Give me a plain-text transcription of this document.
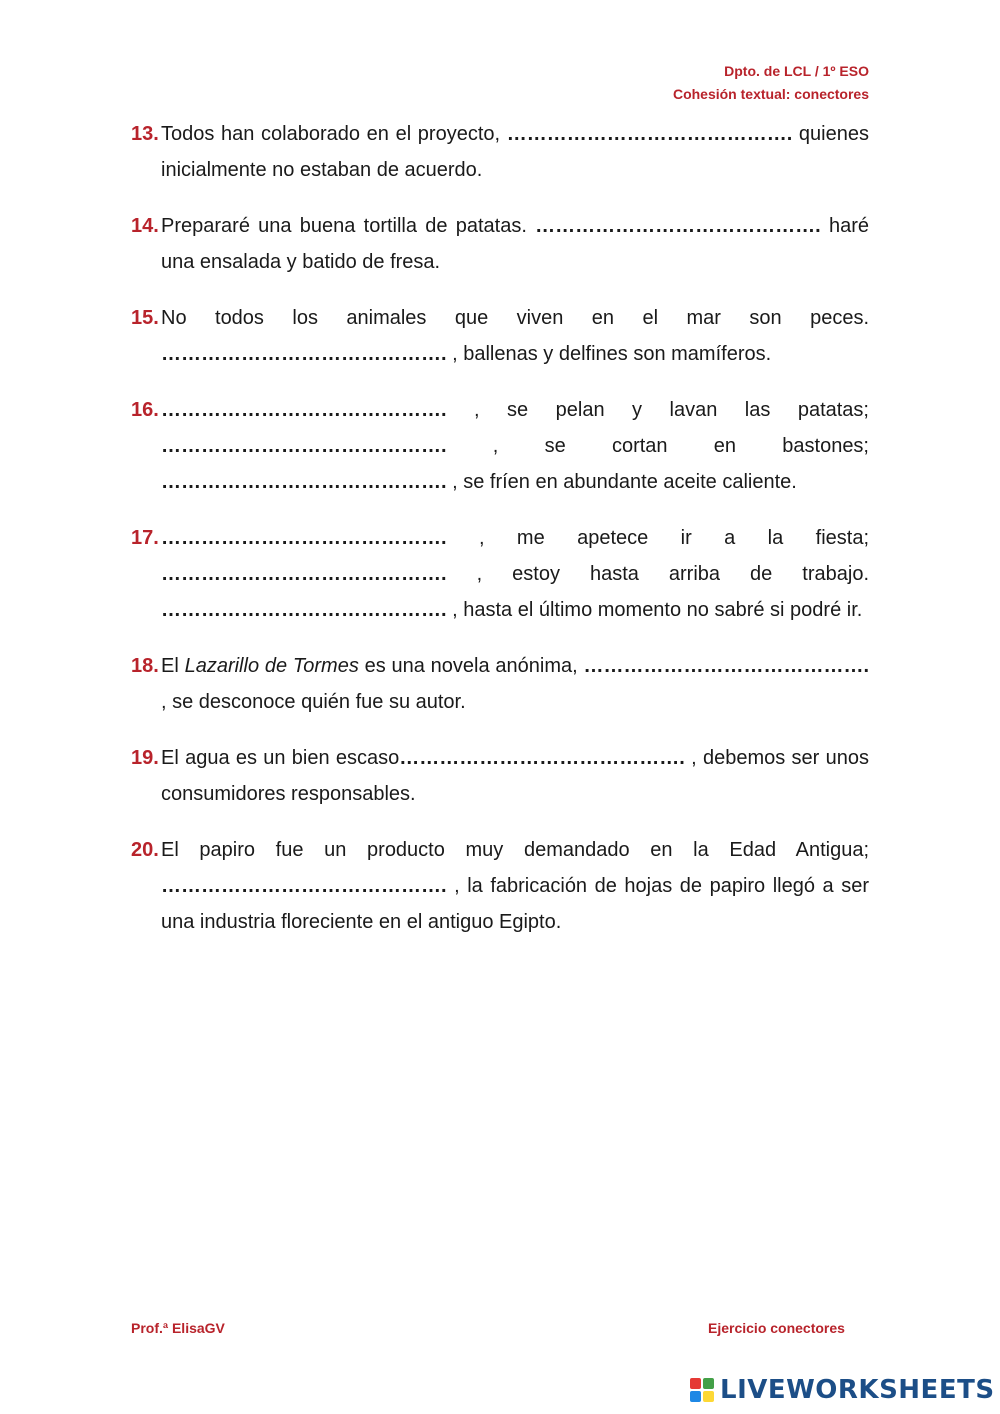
Dpto. de LCL / 1º ESO
Cohesión textual: conectores
13. Todos han colaborado en el proyecto, ……………………………………. quienes inicialmente no estaban de acuerdo.
14. Prepararé una buena tortilla de patatas. ……………………………………. haré una ensalada y batido de fresa.
15. No todos los animales que viven en el mar son peces. ……………………………………. , ballenas y delfines son mamíferos.
16. ……………………………………. , se pelan y lavan las patatas; ……………………………………. , se cortan en bastones; ……………………………………. , se fríen en abundante aceite caliente.
17. ……………………………………. , me apetece ir a la fiesta; ……………………………………. , estoy hasta arriba de trabajo. ……………………………………. , hasta el último momento no sabré si podré ir.
18. El Lazarillo de Tormes es una novela anónima, ……………………………………. , se desconoce quién fue su autor.
19. El agua es un bien escaso……………………………………. , debemos ser unos consumidores responsables.
20. El papiro fue un producto muy demandado en la Edad Antigua; ……………………………………. , la fabricación de hojas de papiro llegó a ser una industria floreciente en el antiguo Egipto.
Prof.ª ElisaGV	Ejercicio conectores
LIVEWORKSHEETS
